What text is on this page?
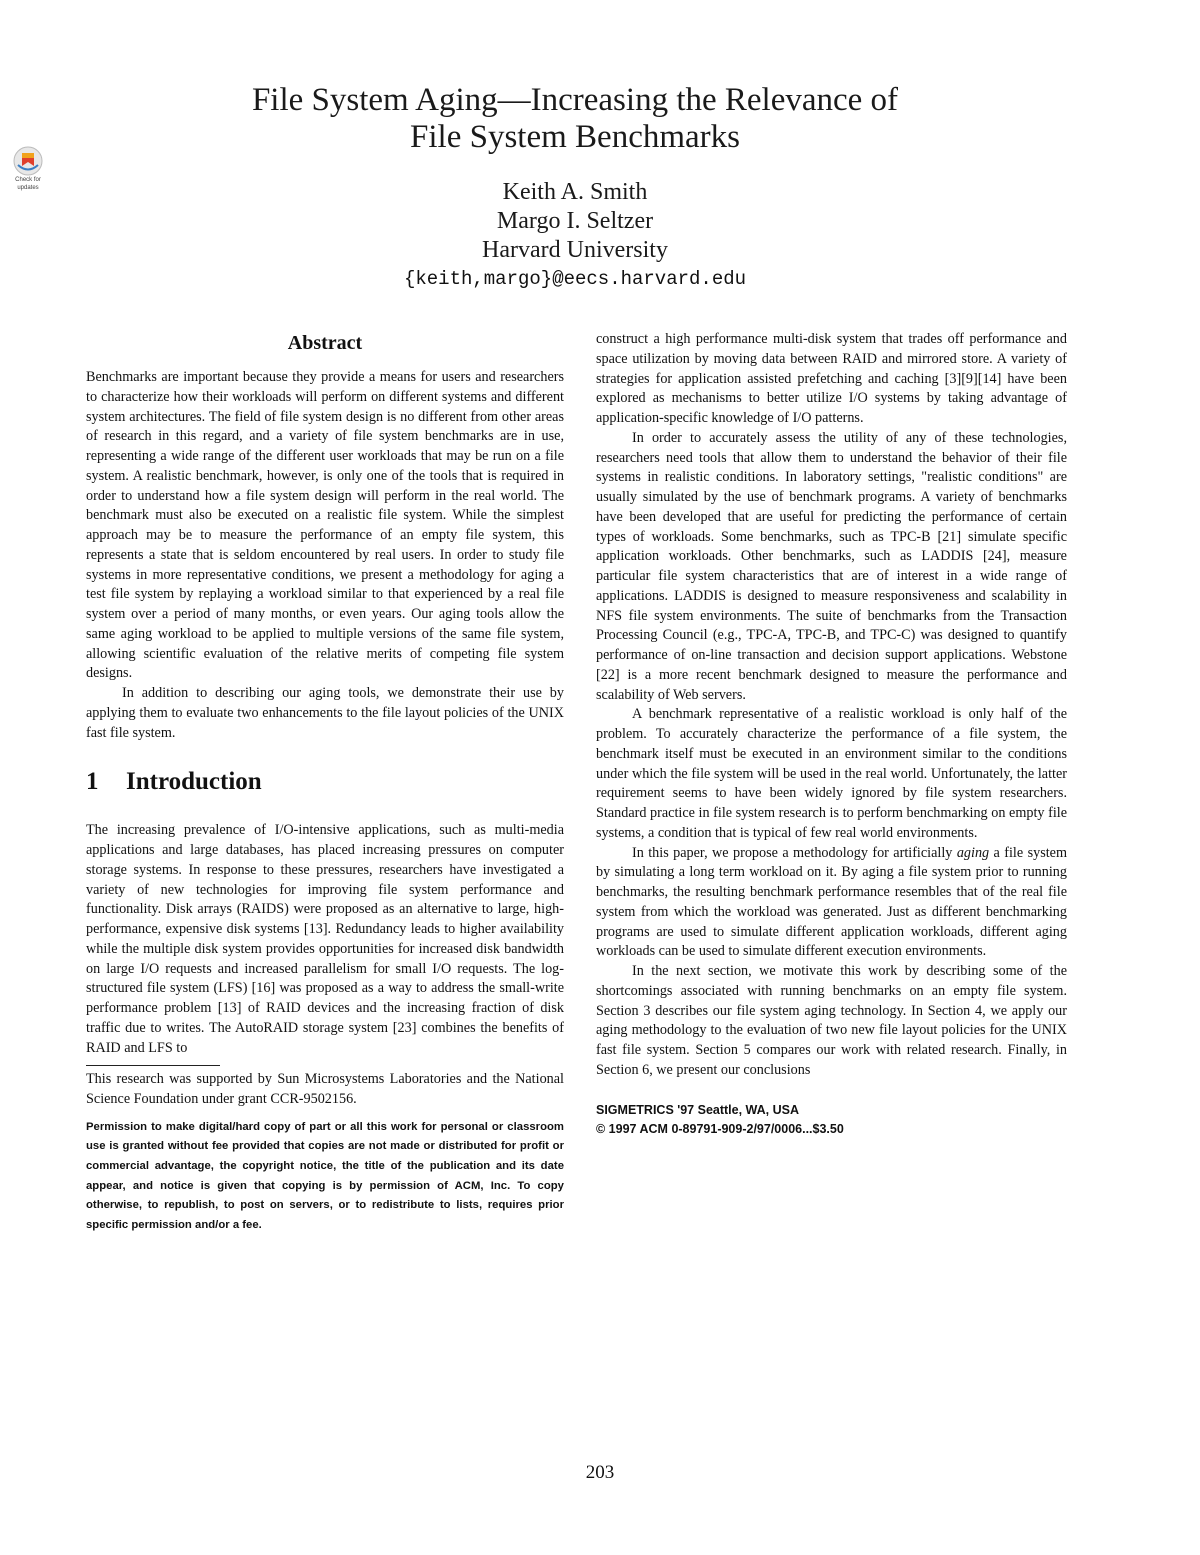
Check for
updates
File System Aging—Increasing the Relevance of
File System Benchmarks
Keith A. Smith
Margo I. Seltzer
Harvard University
{keith,margo}@eecs.harvard.edu
Abstract

Benchmarks are important because they provide a means for users and researchers to characterize how their workloads will perform on different systems and different system architectures. The field of file system design is no different from other areas of research in this regard, and a variety of file system benchmarks are in use, representing a wide range of the different user workloads that may be run on a file system. A realistic benchmark, however, is only one of the tools that is required in order to understand how a file system design will perform in the real world. The benchmark must also be executed on a realistic file system. While the simplest approach may be to measure the performance of an empty file system, this represents a state that is seldom encountered by real users. In order to study file systems in more representative conditions, we present a methodology for aging a test file system by replaying a workload similar to that experienced by a real file system over a period of many months, or even years. Our aging tools allow the same aging workload to be applied to multiple versions of the same file system, allowing scientific evaluation of the relative merits of competing file system designs.

In addition to describing our aging tools, we demonstrate their use by applying them to evaluate two enhancements to the file layout policies of the UNIX fast file system.

1	Introduction

The increasing prevalence of I/O-intensive applications, such as multi-media applications and large databases, has placed increasing pressures on computer storage systems. In response to these pressures, researchers have investigated a variety of new technologies for improving file system performance and functionality. Disk arrays (RAIDS) were proposed as an alternative to large, high-performance, expensive disk systems [13]. Redundancy leads to higher availability while the multiple disk system provides opportunities for increased disk bandwidth on large I/O requests and increased parallelism for small I/O requests. The log-structured file system (LFS) [16] was proposed as a way to address the small-write performance problem [13] of RAID devices and the increasing fraction of disk traffic due to writes. The AutoRAID storage system [23] combines the benefits of RAID and LFS to

This research was supported by Sun Microsystems Laboratories and the National Science Foundation under grant CCR-9502156.

Permission to make digital/hard copy of part or all this work for personal or classroom use is granted without fee provided that copies are not made or distributed for profit or commercial advantage, the copyright notice, the title of the publication and its date appear, and notice is given that copying is by permission of ACM, Inc. To copy otherwise, to republish, to post on servers, or to redistribute to lists, requires prior specific permission and/or a fee.

construct a high performance multi-disk system that trades off performance and space utilization by moving data between RAID and mirrored store. A variety of strategies for application assisted prefetching and caching [3][9][14] have been explored as mechanisms to better utilize I/O systems by taking advantage of application-specific knowledge of I/O patterns.

In order to accurately assess the utility of any of these technologies, researchers need tools that allow them to understand the behavior of their file systems in realistic conditions. In laboratory settings, "realistic conditions" are usually simulated by the use of benchmark programs. A variety of benchmarks have been developed that are useful for predicting the performance of certain types of workloads. Some benchmarks, such as TPC-B [21] simulate specific application workloads. Other benchmarks, such as LADDIS [24], measure particular file system characteristics that are of interest in a wide range of applications. LADDIS is designed to measure responsiveness and scalability in NFS file system environments. The suite of benchmarks from the Transaction Processing Council (e.g., TPC-A, TPC-B, and TPC-C) was designed to quantify performance of on-line transaction and decision support applications. Webstone [22] is a more recent benchmark designed to measure the performance and scalability of Web servers.

A benchmark representative of a realistic workload is only half of the problem. To accurately characterize the performance of a file system, the benchmark itself must be executed in an environment similar to the conditions under which the file system will be used in the real world. Unfortunately, the latter requirement seems to have been widely ignored by file system researchers. Standard practice in file system research is to perform benchmarking on empty file systems, a condition that is typical of few real world environments.

In this paper, we propose a methodology for artificially aging a file system by simulating a long term workload on it. By aging a file system prior to running benchmarks, the resulting benchmark performance resembles that of the real file system from which the workload was generated. Just as different benchmarking programs are used to simulate different application workloads, different aging workloads can be used to simulate different execution environments.

In the next section, we motivate this work by describing some of the shortcomings associated with running benchmarks on an empty file system. Section 3 describes our file system aging technology. In Section 4, we apply our aging methodology to the evaluation of two new file layout policies for the UNIX fast file system. Section 5 compares our work with related research. Finally, in Section 6, we present our conclusions

SIGMETRICS '97 Seattle, WA, USA
© 1997 ACM 0-89791-909-2/97/0006...$3.50
203
